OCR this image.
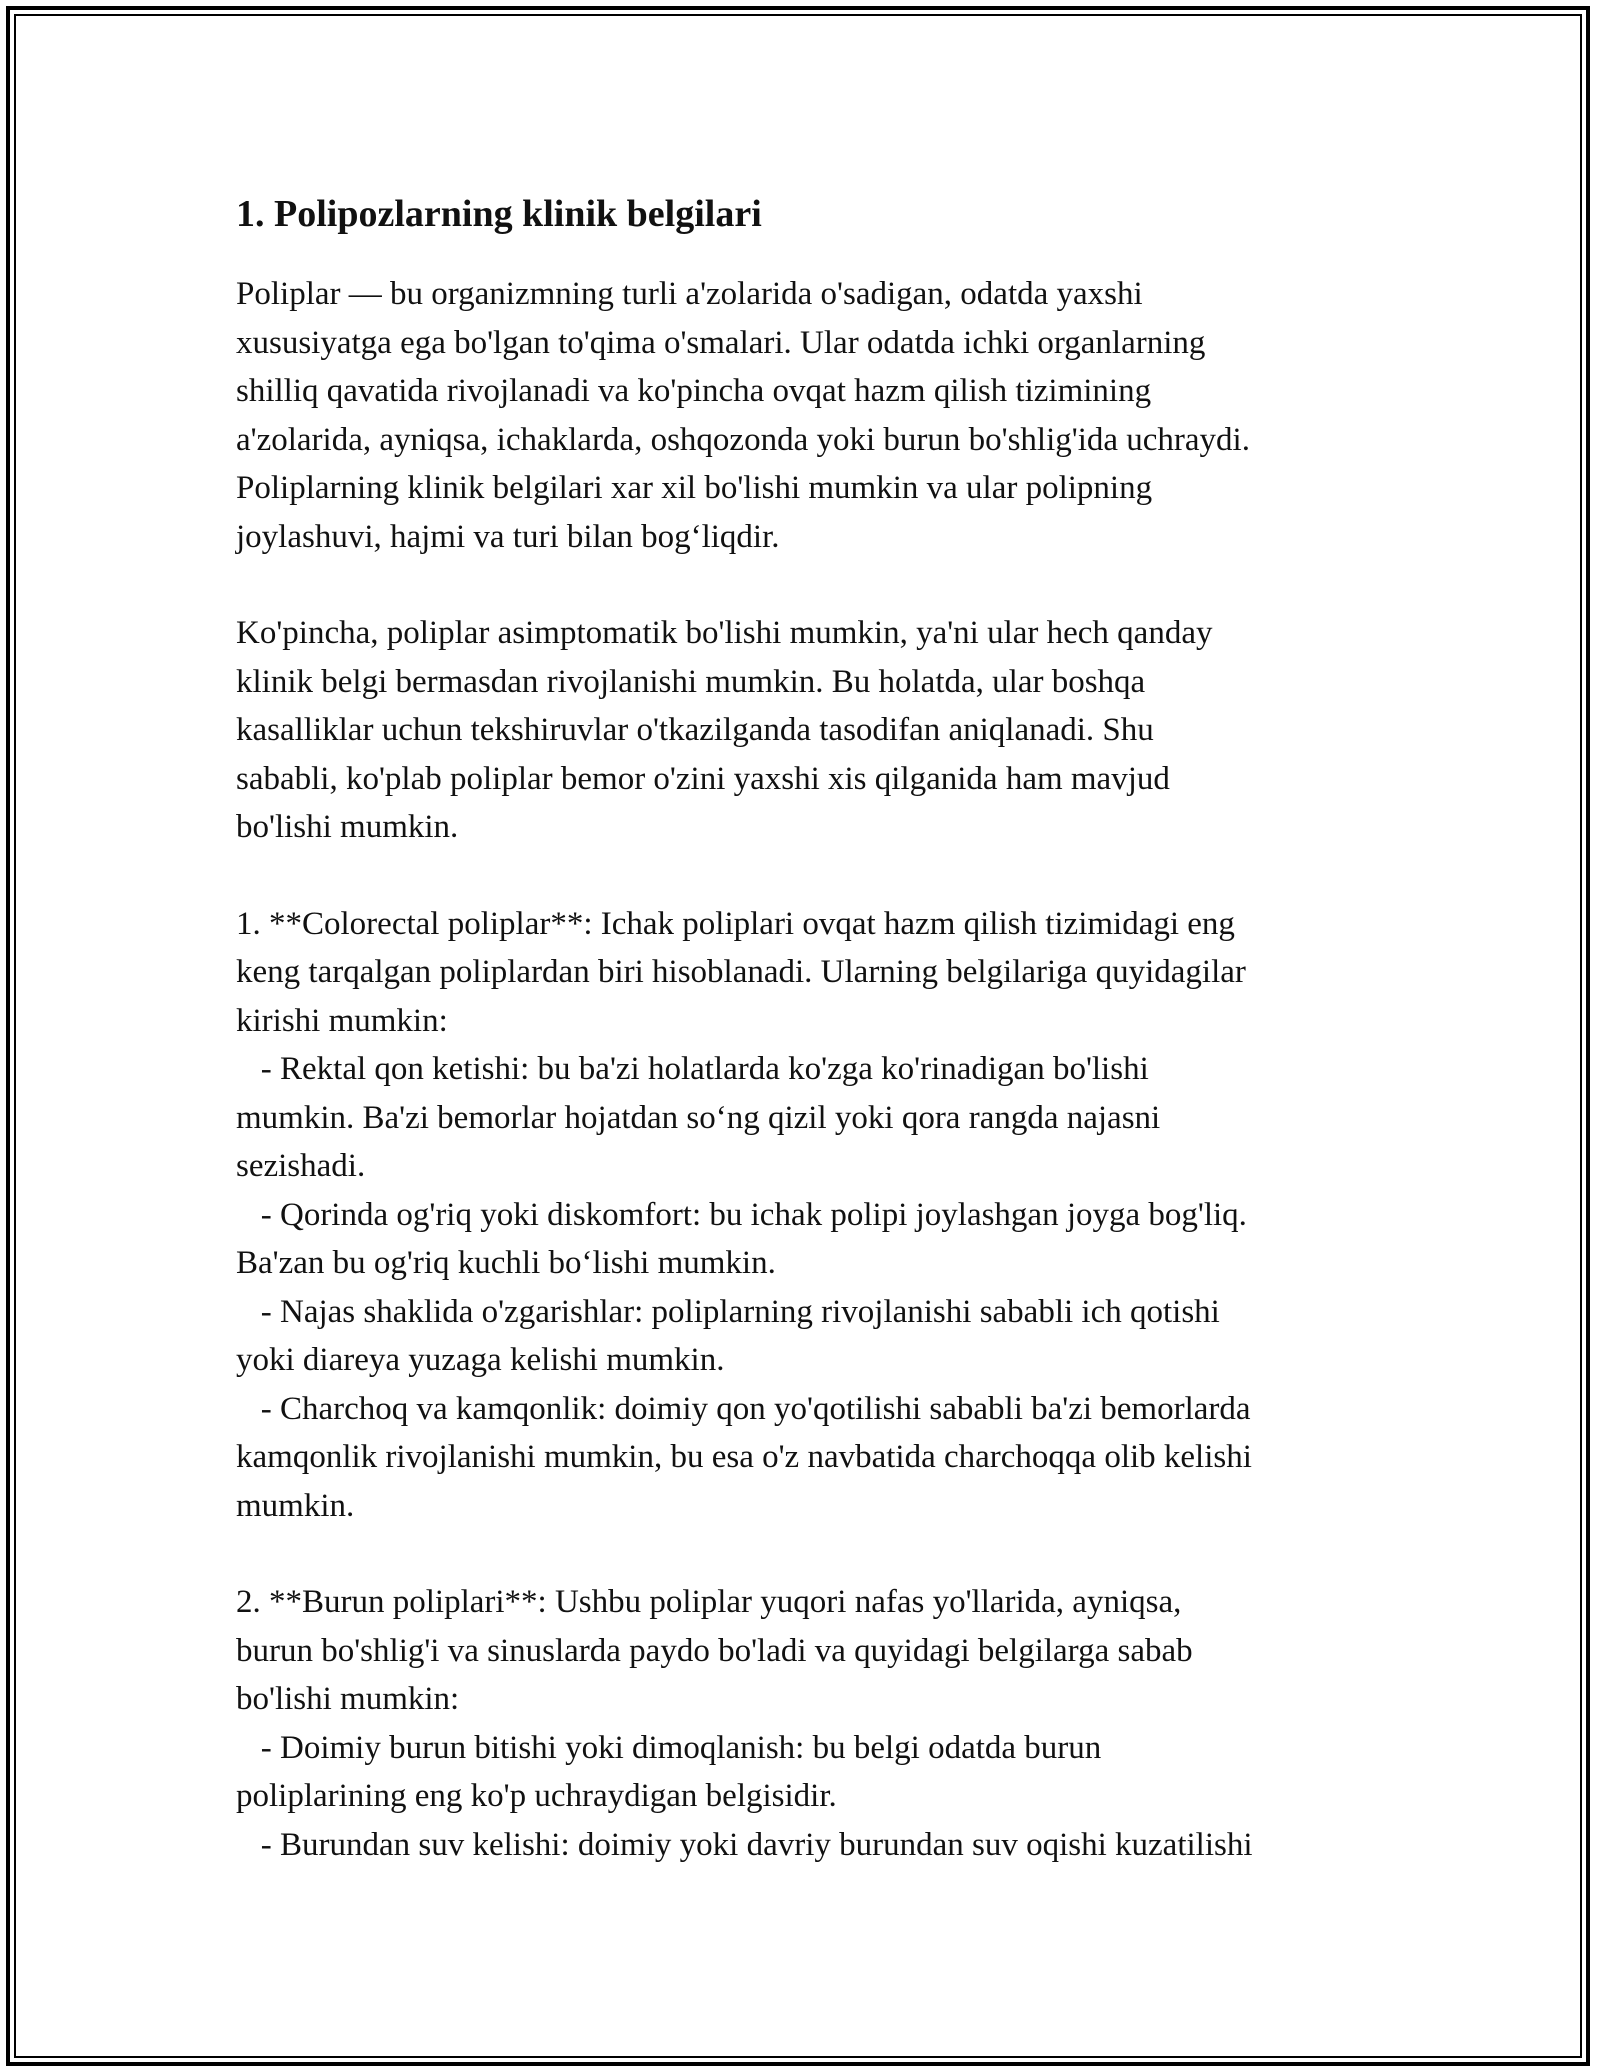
1. Polipozlarning klinik belgilari

Poliplar — bu organizmning turli a'zolarida o'sadigan, odatda yaxshi
xususiyatga ega bo'lgan to'qima o'smalari. Ular odatda ichki organlarning
shilliq qavatida rivojlanadi va ko'pincha ovqat hazm qilish tizimining
a'zolarida, ayniqsa, ichaklarda, oshqozonda yoki burun bo'shlig'ida uchraydi.
Poliplarning klinik belgilari xar xil bo'lishi mumkin va ular polipning
joylashuvi, hajmi va turi bilan bog‘liqdir.

Ko'pincha, poliplar asimptomatik bo'lishi mumkin, ya'ni ular hech qanday
klinik belgi bermasdan rivojlanishi mumkin. Bu holatda, ular boshqa
kasalliklar uchun tekshiruvlar o'tkazilganda tasodifan aniqlanadi. Shu
sababli, ko'plab poliplar bemor o'zini yaxshi xis qilganida ham mavjud
bo'lishi mumkin.

1. **Colorectal poliplar**: Ichak poliplari ovqat hazm qilish tizimidagi eng
keng tarqalgan poliplardan biri hisoblanadi. Ularning belgilariga quyidagilar
kirishi mumkin:
- Rektal qon ketishi: bu ba'zi holatlarda ko'zga ko'rinadigan bo'lishi
mumkin. Ba'zi bemorlar hojatdan so‘ng qizil yoki qora rangda najasni
sezishadi.
- Qorinda og'riq yoki diskomfort: bu ichak polipi joylashgan joyga bog'liq.
Ba'zan bu og'riq kuchli bo‘lishi mumkin.
- Najas shaklida o'zgarishlar: poliplarning rivojlanishi sababli ich qotishi
yoki diareya yuzaga kelishi mumkin.
- Charchoq va kamqonlik: doimiy qon yo'qotilishi sababli ba'zi bemorlarda
kamqonlik rivojlanishi mumkin, bu esa o'z navbatida charchoqqa olib kelishi
mumkin.

2. **Burun poliplari**: Ushbu poliplar yuqori nafas yo'llarida, ayniqsa,
burun bo'shlig'i va sinuslarda paydo bo'ladi va quyidagi belgilarga sabab
bo'lishi mumkin:
- Doimiy burun bitishi yoki dimoqlanish: bu belgi odatda burun
poliplarining eng ko'p uchraydigan belgisidir.
- Burundan suv kelishi: doimiy yoki davriy burundan suv oqishi kuzatilishi
